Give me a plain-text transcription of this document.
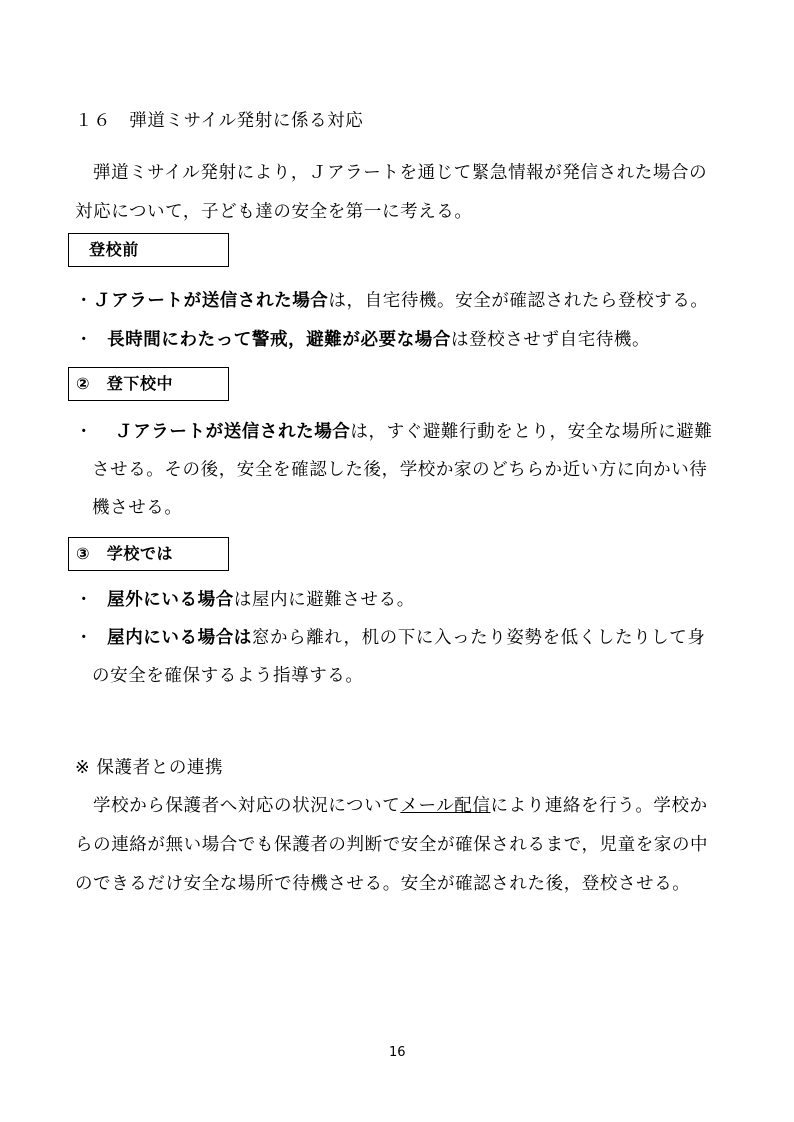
１６　弾道ミサイル発射に係る対応
弾道ミサイル発射により，Ｊアラートを通じて緊急情報が発信された場合の
対応について，子ども達の安全を第一に考える。
登校前
・Ｊアラートが送信された場合は，自宅待機。安全が確認されたら登校する。
・ 長時間にわたって警戒，避難が必要な場合は登校させず自宅待機。
②　登下校中
・ Ｊアラートが送信された場合は，すぐ避難行動をとり，安全な場所に避難
させる。その後，安全を確認した後，学校か家のどちらか近い方に向かい待
機させる。
③　学校では
・ 屋外にいる場合は屋内に避難させる。
・ 屋内にいる場合は窓から離れ，机の下に入ったり姿勢を低くしたりして身
の安全を確保するよう指導する。
※ 保護者との連携
学校から保護者へ対応の状況についてメール配信により連絡を行う。学校か
らの連絡が無い場合でも保護者の判断で安全が確保されるまで，児童を家の中
のできるだけ安全な場所で待機させる。安全が確認された後，登校させる。
16
